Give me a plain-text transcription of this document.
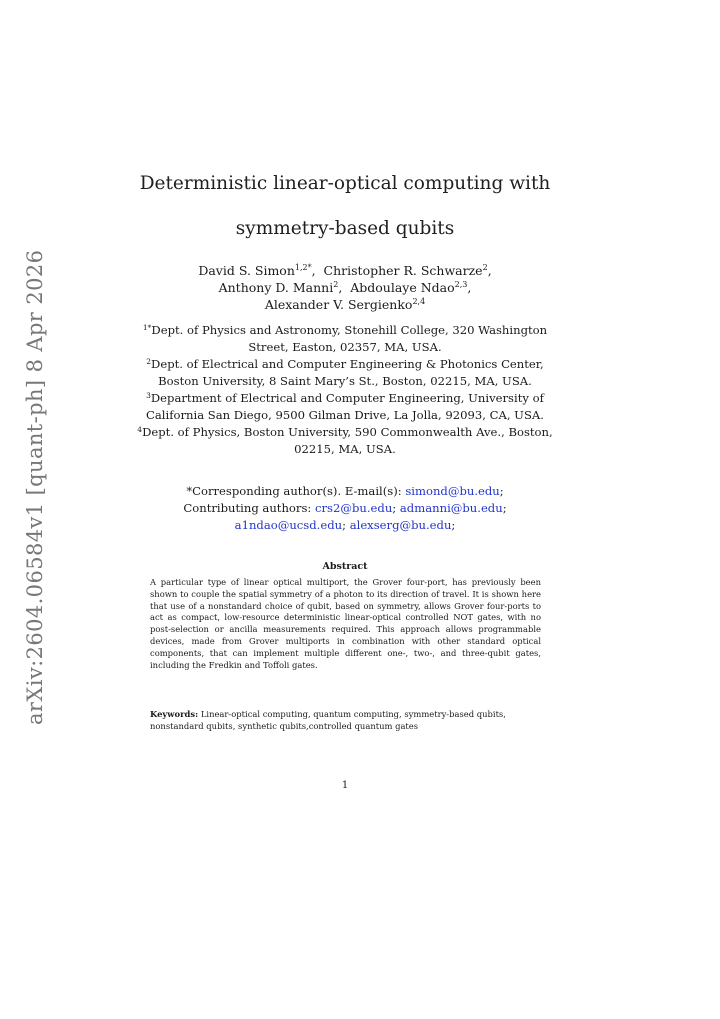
arXiv:2604.06584v1 [quant-ph] 8 Apr 2026
Deterministic linear-optical computing with
symmetry-based qubits
David S. Simon$^{1,2*}$,  Christopher R. Schwarze$^2$,
Anthony D. Manni$^2$,  Abdoulaye Ndao$^{2,3}$,
Alexander V. Sergienko$^{2,4}$
$^{1*}$Dept. of Physics and Astronomy, Stonehill College, 320 Washington
Street, Easton, 02357, MA, USA.
$^2$Dept. of Electrical and Computer Engineering & Photonics Center,
Boston University, 8 Saint Mary’s St., Boston, 02215, MA, USA.
$^3$Department of Electrical and Computer Engineering, University of
California San Diego, 9500 Gilman Drive, La Jolla, 92093, CA, USA.
$^4$Dept. of Physics, Boston University, 590 Commonwealth Ave., Boston,
02215, MA, USA.
*Corresponding author(s). E-mail(s): simond@bu.edu;
Contributing authors: crs2@bu.edu; admanni@bu.edu;
a1ndao@ucsd.edu; alexserg@bu.edu;
Abstract
A particular type of linear optical multiport, the Grover four-port, has previously been shown to couple the spatial symmetry of a photon to its direction of travel. It is shown here that use of a nonstandard choice of qubit, based on symmetry, allows Grover four-ports to act as compact, low-resource deterministic linear-optical controlled NOT gates, with no post-selection or ancilla measurements required. This approach allows programmable devices, made from Grover multiports in combination with other standard optical components, that can implement multiple different one-, two-, and three-qubit gates, including the Fredkin and Toffoli gates.
Keywords: Linear-optical computing, quantum computing, symmetry-based qubits, nonstandard qubits, synthetic qubits,controlled quantum gates
1
